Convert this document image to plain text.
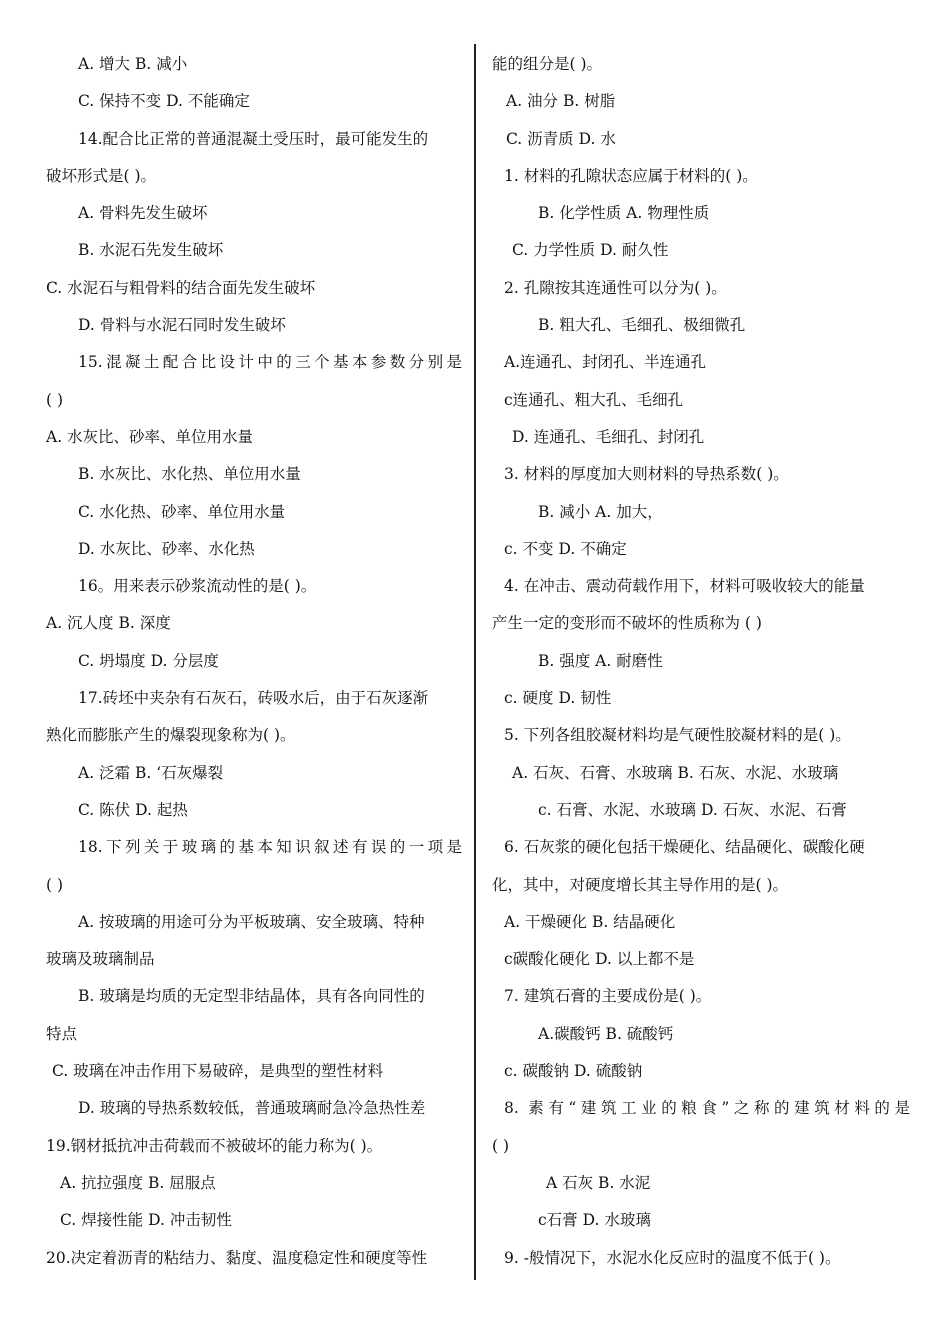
A. 增大 B. 减小
C. 保持不变 D. 不能确定
14.配合比正常的普通混凝土受压时，最可能发生的
破坏形式是( )。
A. 骨料先发生破坏
B. 水泥石先发生破坏
C. 水泥石与粗骨料的结合面先发生破坏
D. 骨料与水泥石同时发生破坏
15.混凝土配合比设计中的三个基本参数分别是
( )
A. 水灰比、砂率、单位用水量
B. 水灰比、水化热、单位用水量
C. 水化热、砂率、单位用水量
D. 水灰比、砂率、水化热
16。用来表示砂浆流动性的是( )。
A. 沉人度 B. 深度
C. 坍塌度 D. 分层度
17.砖坯中夹杂有石灰石，砖吸水后，由于石灰逐渐
熟化而膨胀产生的爆裂现象称为( )。
A. 泛霜 B. ‘石灰爆裂
C. 陈伏 D. 起热
18.下列关于玻璃的基本知识叙述有误的一项是
( )
A. 按玻璃的用途可分为平板玻璃、安全玻璃、特种
玻璃及玻璃制品
B. 玻璃是均质的无定型非结晶体，具有各向同性的
特点
C. 玻璃在冲击作用下易破碎，是典型的塑性材料
D. 玻璃的导热系数较低，普通玻璃耐急冷急热性差
19.钢材抵抗冲击荷载而不被破坏的能力称为( )。
A. 抗拉强度 B. 屈服点
C. 焊接性能 D. 冲击韧性
20.决定着沥青的粘结力、黏度、温度稳定性和硬度等性
能的组分是( )。
A. 油分 B. 树脂
C. 沥青质 D. 水
1. 材料的孔隙状态应属于材料的( )。
B. 化学性质 A. 物理性质
C. 力学性质 D. 耐久性
2. 孔隙按其连通性可以分为( )。
B. 粗大孔、毛细孔、极细微孔
A.连通孔、封闭孔、半连通孔
c连通孔、粗大孔、毛细孔
D. 连通孔、毛细孔、封闭孔
3. 材料的厚度加大则材料的导热系数( )。
B. 减小 A. 加大，
c. 不变 D. 不确定
4. 在冲击、震动荷载作用下，材料可吸收较大的能量
产生一定的变形而不破坏的性质称为 ( )
B. 强度 A. 耐磨性
c. 硬度 D. 韧性
5. 下列各组胶凝材料均是气硬性胶凝材料的是( )。
A. 石灰、石膏、水玻璃 B. 石灰、水泥、水玻璃
c. 石膏、水泥、水玻璃 D. 石灰、水泥、石膏
6. 石灰浆的硬化包括干燥硬化、结晶硬化、碳酸化硬
化，其中，对硬度增长其主导作用的是( )。
A. 干燥硬化 B. 结晶硬化
c碳酸化硬化 D. 以上都不是
7. 建筑石膏的主要成份是( )。
A.碳酸钙 B. 硫酸钙
c. 碳酸钠 D. 硫酸钠
8. 素有“建筑工业的粮食”之称的建筑材料的是
( )
A 石灰 B. 水泥
c石膏 D. 水玻璃
9. -般情况下，水泥水化反应时的温度不低于( )。
